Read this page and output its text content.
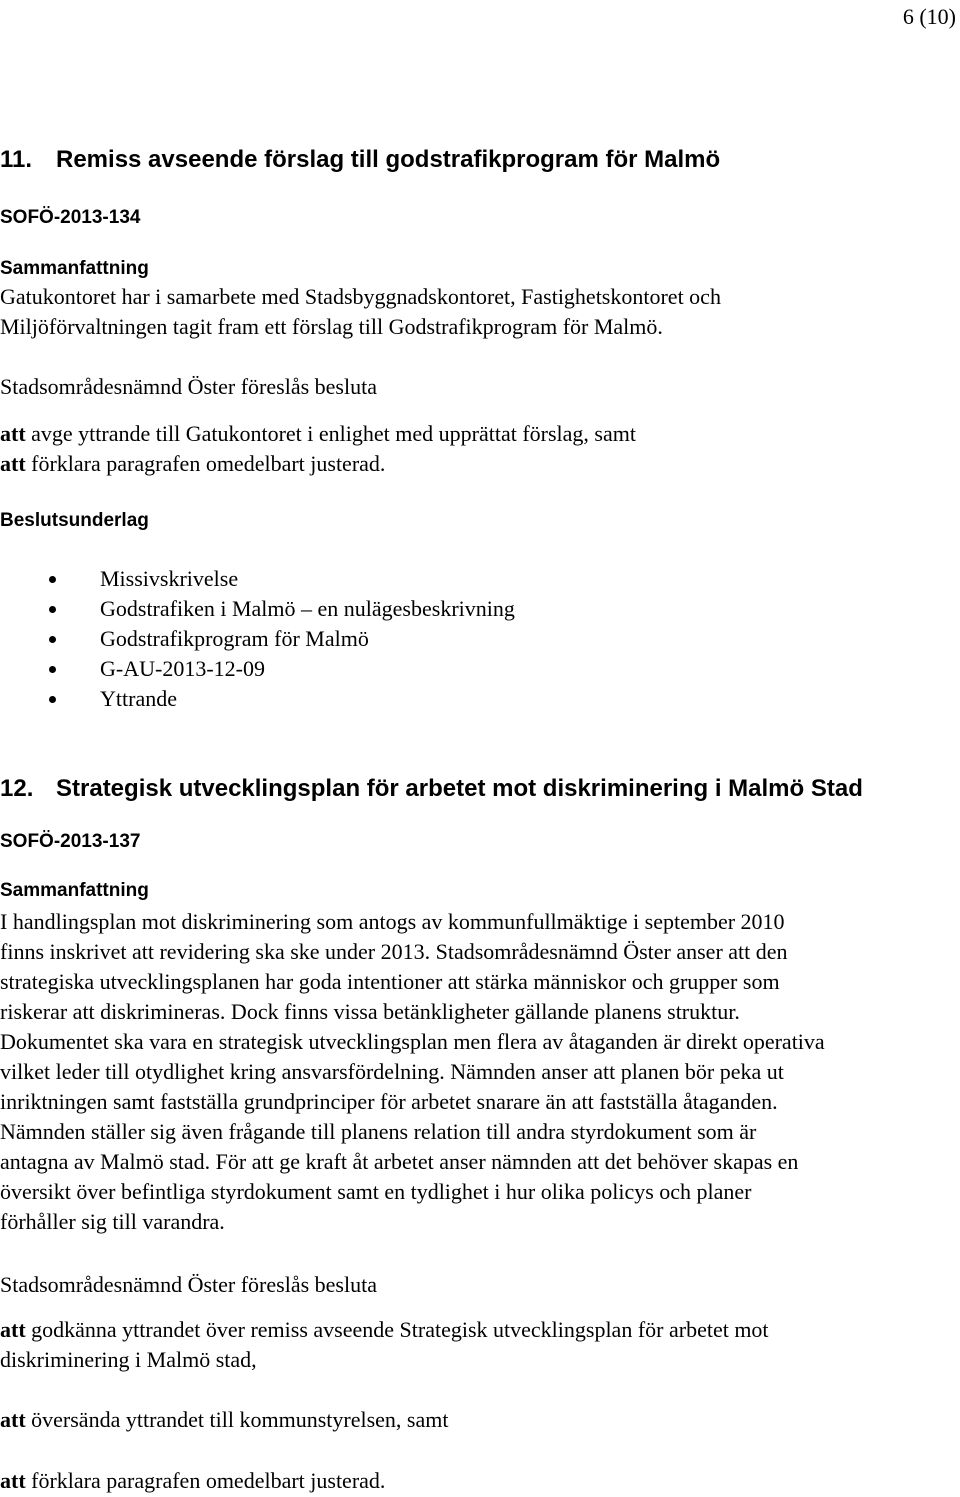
6 (10)
11. Remiss avseende förslag till godstrafikprogram för Malmö
SOFÖ-2013-134
Sammanfattning

Gatukontoret har i samarbete med Stadsbyggnadskontoret, Fastighetskontoret och

Miljöförvaltningen tagit fram ett förslag till Godstrafikprogram för Malmö.

Stadsområdesnämnd Öster föreslås besluta

att avge yttrande till Gatukontoret i enlighet med upprättat förslag, samt

att förklara paragrafen omedelbart justerad.

Beslutsunderlag
Missivskrivelse
Godstrafiken i Malmö – en nulägesbeskrivning
Godstrafikprogram för Malmö
G-AU-2013-12-09
Yttrande
12. Strategisk utvecklingsplan för arbetet mot diskriminering i Malmö Stad
SOFÖ-2013-137
Sammanfattning

I handlingsplan mot diskriminering som antogs av kommunfullmäktige i september 2010

finns inskrivet att revidering ska ske under 2013. Stadsområdesnämnd Öster anser att den

strategiska utvecklingsplanen har goda intentioner att stärka människor och grupper som

riskerar att diskrimineras. Dock finns vissa betänkligheter gällande planens struktur.

Dokumentet ska vara en strategisk utvecklingsplan men flera av åtaganden är direkt operativa

vilket leder till otydlighet kring ansvarsfördelning. Nämnden anser att planen bör peka ut

inriktningen samt fastställa grundprinciper för arbetet snarare än att fastställa åtaganden.

Nämnden ställer sig även frågande till planens relation till andra styrdokument som är

antagna av Malmö stad. För att ge kraft åt arbetet anser nämnden att det behöver skapas en

översikt över befintliga styrdokument samt en tydlighet i hur olika policys och planer

förhåller sig till varandra.

Stadsområdesnämnd Öster föreslås besluta

att godkänna yttrandet över remiss avseende Strategisk utvecklingsplan för arbetet mot

diskriminering i Malmö stad,

att översända yttrandet till kommunstyrelsen, samt

att förklara paragrafen omedelbart justerad.
